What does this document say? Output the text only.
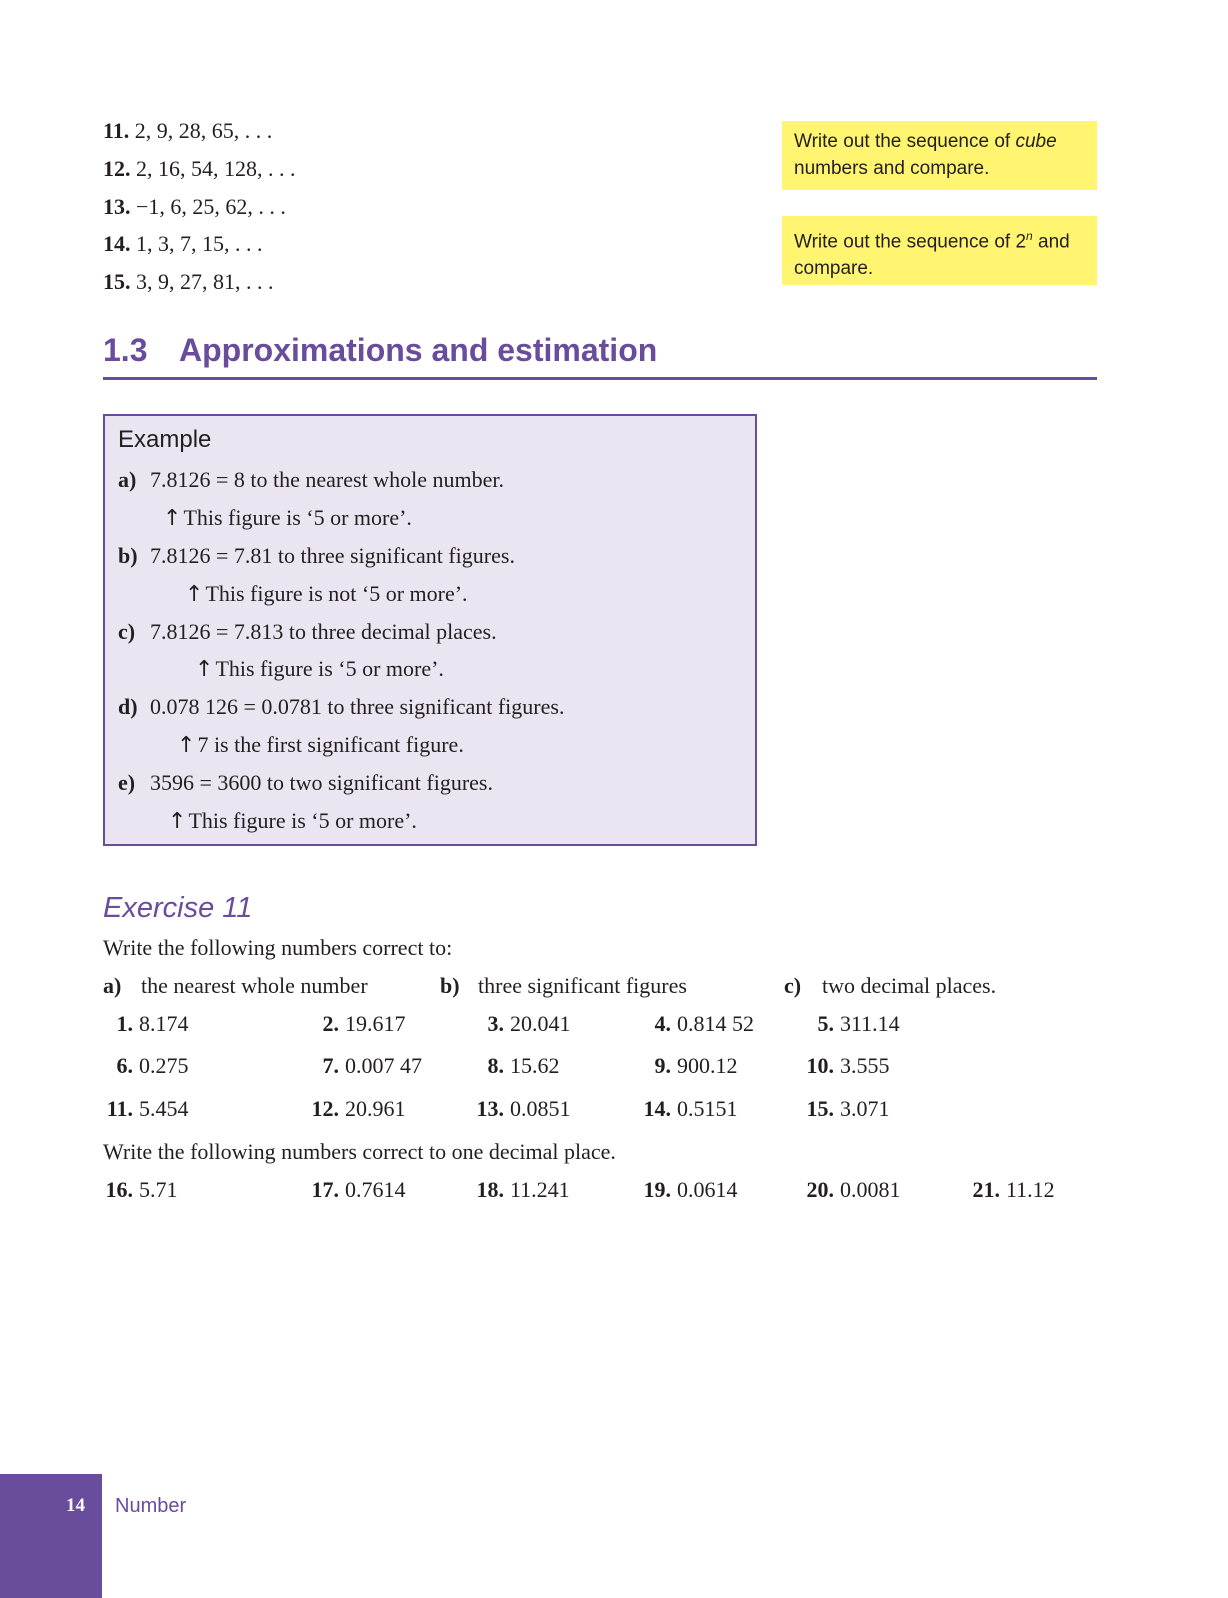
11. 2, 9, 28, 65, . . .
12. 2, 16, 54, 128, . . .
13. −1, 6, 25, 62, . . .
14. 1, 3, 7, 15, . . .
15. 3, 9, 27, 81, . . .
Write out the sequence of cube
numbers and compare.
Write out the sequence of 2$^n$ and
compare.
1.3 Approximations and estimation
Example
a) 7.8126 = 8 to the nearest whole number.
↑This figure is ‘5 or more’.
b) 7.8126 = 7.81 to three significant figures.
↑This figure is not ‘5 or more’.
c) 7.8126 = 7.813 to three decimal places.
↑This figure is ‘5 or more’.
d) 0.078 126 = 0.0781 to three significant figures.
↑7 is the first significant figure.
e) 3596 = 3600 to two significant figures.
↑This figure is ‘5 or more’.
Exercise 11
Write the following numbers correct to:
a) the nearest whole number	b) three significant figures	c) two decimal places.
1. 8.174	2. 19.617	3. 20.041	4. 0.814 52	5. 311.14
6. 0.275	7. 0.007 47	8. 15.62	9. 900.12	10. 3.555
11. 5.454	12. 20.961	13. 0.0851	14. 0.5151	15. 3.071
Write the following numbers correct to one decimal place.
16. 5.71	17. 0.7614	18. 11.241	19. 0.0614	20. 0.0081	21. 11.12
14 Number
